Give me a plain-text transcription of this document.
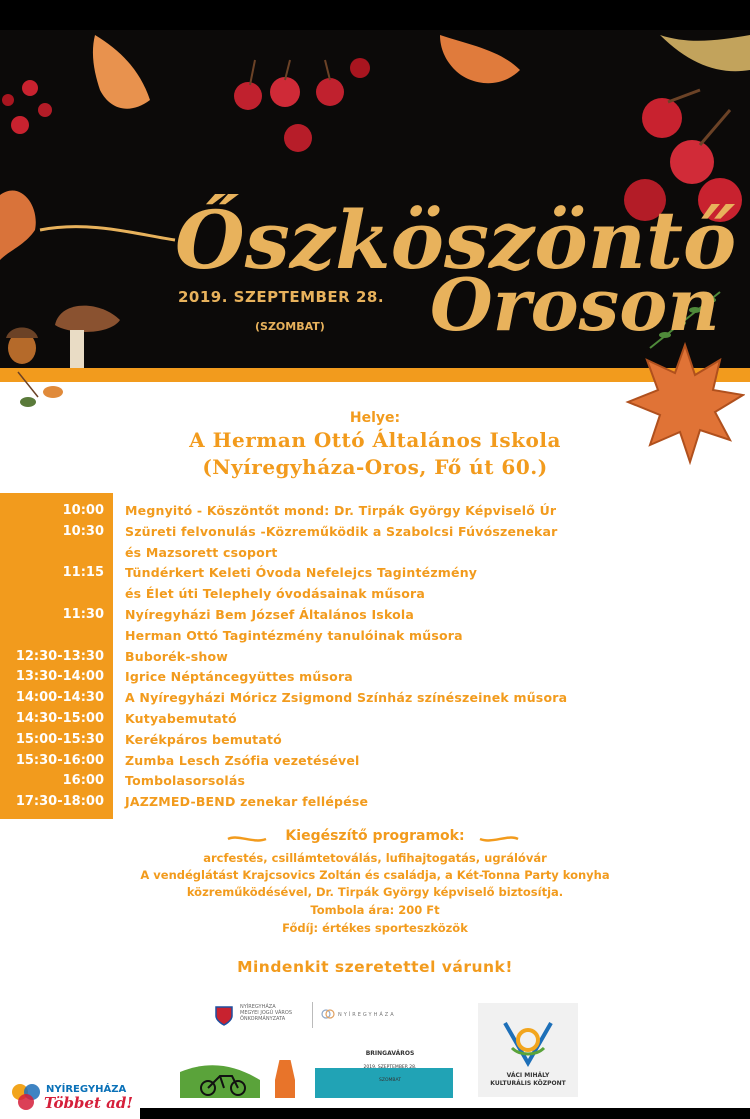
Őszköszöntő
Oroson
2019. SZEPTEMBER 28.
(SZOMBAT)
Helye:
A Herman Ottó Általános Iskola
(Nyíregyháza-Oros, Fő út 60.)
10:00 Megnyitó - Köszöntőt mond: Dr. Tirpák György Képviselő Úr
10:30 Szüreti felvonulás -Közreműködik a Szabolcsi Fúvószenekar
és Mazsorett csoport
11:15 Tündérkert Keleti Óvoda Nefelejcs Tagintézmény
és Élet úti Telephely óvodásainak műsora
11:30 Nyíregyházi Bem József Általános Iskola
Herman Ottó Tagintézmény tanulóinak műsora
12:30-13:30 Buborék-show
13:30-14:00 Igrice Néptáncegyüttes műsora
14:00-14:30 A Nyíregyházi Móricz Zsigmond Színház színészeinek műsora
14:30-15:00 Kutyabemutató
15:00-15:30 Kerékpáros bemutató
15:30-16:00 Zumba Lesch Zsófia vezetésével
16:00 Tombolasorsolás
17:30-18:00 JAZZMED-BEND zenekar fellépése
Kiegészítő programok:
arcfestés, csillámtetoválás, lufihajtogatás, ugrálóvár
A vendéglátást Krajcsovics Zoltán és családja, a Két-Tonna Party konyha
közreműködésével, Dr. Tirpák György képviselő biztosítja.
Tombola ára: 200 Ft
Fődíj: értékes sporteszközök
Mindenkit szeretettel várunk!
NYÍREGYHÁZA
MEGYEI JOGÚ VÁROS
ÖNKORMÁNYZATA
NYÍREGYHÁZA
BRINGAVÁROS
2019. SZEPTEMBER 28.
SZOMBAT
VÁCI MIHÁLY
KULTURÁLIS KÖZPONT
NYÍREGYHÁZA
Többet ad!
